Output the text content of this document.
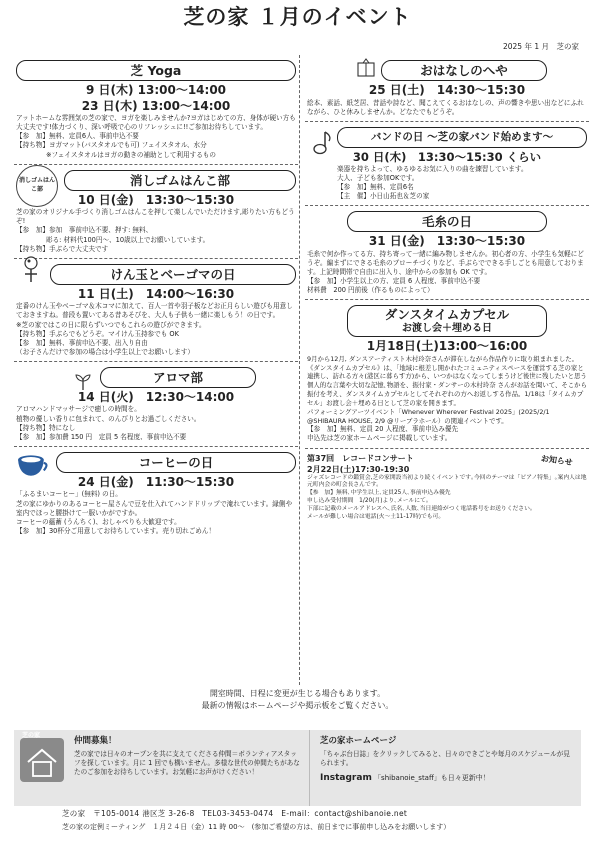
芝の家 １月のイベント
2025 年 1 月　芝の家
芝 Yoga
9 日(木) 13:00～14:00
23 日(木) 13:00～14:00
アットホームな雰囲気の芝の家で、ヨガを楽しみませんか?ヨガはじめての方、身体が硬い方も大丈夫です!体力づくり、深い呼吸で心のリフレッシュに!!ご参加お待ちしています。
【参　加】無料、定員6人、事前申込不要
【持ち物】ヨガマット(バスタオルでも可) フェイスタオル、水分
※フェイスタオルはヨガの動きの補助として利用するもの
消しゴムはんこ部
消しゴムはんこ部
10 日(金)　13:30～15:30
芝の家のオリジナル手づくり消しゴムはんこを押して楽しんでいただけます,彫りたい方もどうぞ!
【参　加】参加　事前申込不要、押す: 無料、
彫る: 材料代100円～、10歳以上でお願いしています。
【持ち物】手ぶらで大丈夫です
けん玉とベーゴマの日
11 日(土)　14:00～16:30
定番のけん玉やベーゴマ＆木コマに加えて、百人一首や羽子板などお正月らしい遊びも用意しておきますね。普段も置いてある昔あそびを、大人も子供も一緒に楽しもう！の日です。
※芝の家ではこの日に限らずいつでもこれらの遊びができます。
【持ち物】手ぶらでもどうぞ。マイけん玉持参でも OK
【参　加】無料、事前申込不要、出入り自由
（お子さんだけで参加の場合は小学生以上でお願いします）
アロマ部
14 日(火)　12:30～14:00
アロマハンドマッサージで癒しの時間を。
植物の優しい香りに包まれて、のんびりとお過ごしください。
【持ち物】特になし
【参　加】参加費 150 円　定員 5 名程度、事前申込不要
コーヒーの日
24 日(金)　11:30～15:30
「ふるまいコーヒー」(無料) の日。
芝の家にゆかりのあるコーヒー屋さんで豆を仕入れてハンドドリップで淹れています。縁側や室内でほっと腰掛けて一服いかがですか。
コーヒーの蘊蓄 (うんちく)、おしゃべりも大歓迎です。
【参　加】30杯分ご用意してお待ちしています。売り切れごめん！
おはなしのへや
25 日(土)　14:30～15:30
絵本、素話、紙芝居、昔話や詩など、聞こえてくるおはなしの、声の響きや思い出などにふれながら、ひと休みしませんか。どなたでもどうぞ。
バンドの日 ～芝の家バンド始めます～
30 日(木)　13:30～15:30 くらい
楽器を持ちよって、ゆるゆるお気に入りの曲を練習しています。
大人、子ども参加OKです。
【参　加】無料、定員6名
【主　催】小日山拓也＆芝の家
毛糸の日
31 日(金)　13:30～15:30
毛糸で何か作ってる方、持ち寄って一緒に編み物しませんか。初心者の方、小学生も気軽にどうぞ。編まずにできる毛糸のブローチづくりなど、手ぶらでできる手しごとも用意しております。上記時間帯で自由に出入り、途中からの参加も OK です。
【参　加】小学生以上の方、定員 6 人程度、事前申込不要
材料費　200 円前後（作るものによって）
ダンスタイムカプセル
お渡し会＋埋める日
1月18日(土)13:00～16:00
9月から12月, ダンスアーティスト木村玲奈さんが滞在しながら作品作りに取り組まれました。《ダンスタイムカプセル》は、「地域に根差し開かれたコミュニティスペースを運営する芝の家と連携し、訪れる方々(港区に暮らす方)から、いつかはなくなってしまうけど後世に残したいと思う個人的な言葉や大切な記憶､物語を、振付家・ダンサーの木村玲奈 さんがお話を聞いて、そこから振付を考え、ダンスタイムカプセルとしてそれぞれの方へお返しする作品。1/18は「タイムカプセル」お渡し会＋埋める日として芝の家を開きます。
パフォーミングアーツイベント「Whenever Wherever Festival 2025」(2025/2/1 @SHIBAURA HOUSE, 2/9 @リーブラホール）の関連イベントです。
【参　加】無料、定員 20 人程度、事前申込み優先
申込先は芝の家ホームページに掲載しています。
お知らせ
第37回　レコードコンサート
2月22日(土)17:30-19:30
ジャズレコードの鑑賞会,芝の家開設当初より続くイベントです｡今回のテーマは「ピアノ特集」｡案内人は地元町内会の町会長さんです。
【参　加】無料､中学生以上､定員25人､事前申込み優先
申し込み受付期間　1/20(月)より､メールにて｡
下部に記載のメールアドレスへ､氏名､人数､当日連絡がつく電話番号をお送りください。
メールが難しい場合は電話(火～土11-17時)でも可｡
開室時間、日程に変更が生じる場合もあります。
最新の情報はホームページや掲示板をご覧ください。
芝の家
仲間募集！
芝の家では日々のオープンを共に支えてくださる仲間＝ボランティアスタッフを探しています。月に 1 回でも構いません。多様な世代の仲間たちがあなたのご参加をお待ちしています。お気軽にお声がけください！
芝の家ホームページ
「ちゃぶ台日誌」をクリックしてみると、日々のできごとや毎月のスケジュールが見られます。
Instagram 「shibanoie_staff」も日々更新中！
芝の家　〒105-0014 港区芝 3-26-8　TEL03-3453-0474　E-mail：contact@shibanoie.net
芝の家の定例ミーティング　１月２４日（金）11 時 00～　(参加ご希望の方は、前日までに事前申し込みをお願いします）
